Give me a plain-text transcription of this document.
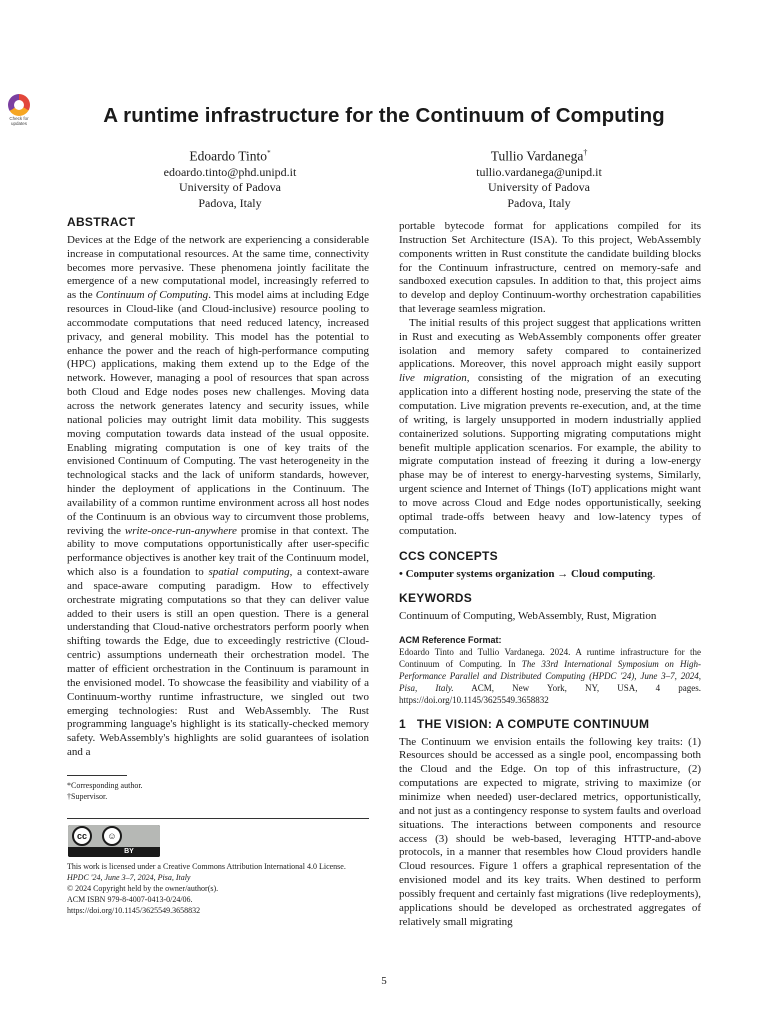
Check for
updates	A runtime infrastructure for the Continuum of Computing
Edoardo Tinto*
edoardo.tinto@phd.unipd.it
University of Padova
Padova, Italy
Tullio Vardanega†
tullio.vardanega@unipd.it
University of Padova
Padova, Italy
ABSTRACT

Devices at the Edge of the network are experiencing a considerable increase in computational resources. At the same time, connectivity becomes more pervasive. These phenomena jointly facilitate the emergence of a new computational model, increasingly referred to as the Continuum of Computing. This model aims at including Edge resources in Cloud-like (and Cloud-inclusive) resource pooling to accommodate computations that need reduced latency, increased privacy, and general mobility. This model has the potential to enhance the power and the reach of high-performance computing (HPC) applications, making them extend up to the Edge of the network. However, managing a pool of resources that span across both Cloud and Edge nodes poses new challenges. Moving data across the network generates latency and security issues, while national policies may outright limit data mobility. This suggests moving computation towards data instead of the usual opposite. Enabling migrating computation is one of key traits of the envisioned Continuum of Computing. The vast heterogeneity in the technological stacks and the lack of uniform standards, however, hinder the deployment of applications in the Continuum. The availability of a common runtime environment across all host nodes of the Continuum is an obvious way to circumvent those problems, reviving the write-once-run-anywhere promise in that context. The ability to move computations opportunistically after user-specific performance objectives is another key trait of the Continuum model, which also is a foundation to spatial computing, a context-aware and space-aware computing paradigm. How to effectively orchestrate migrating computations so that they can deliver value added to their users is still an open question. There is a general understanding that Cloud-native orchestrators perform poorly when shifting towards the Edge, due to exceedingly restrictive (Cloud-centric) assumptions underneath their orchestration model. The matter of efficient orchestration in the Continuum is paramount in the envisioned model. To showcase the feasibility and viability of a Continuum-worthy runtime infrastructure, we singled out two emerging technologies: Rust and WebAssembly. The Rust programming language's highlight is its statically-checked memory safety. WebAssembly's highlights are solid guarantees of isolation and a

*Corresponding author.
†Supervisor.
cc	☺
BY

This work is licensed under a Creative Commons Attribution International 4.0 License.

HPDC '24, June 3–7, 2024, Pisa, Italy

© 2024 Copyright held by the owner/author(s).

ACM ISBN 979-8-4007-0413-0/24/06.

https://doi.org/10.1145/3625549.3658832

portable bytecode format for applications compiled for its Instruction Set Architecture (ISA). To this project, WebAssembly components written in Rust constitute the candidate building blocks for the Continuum infrastructure, centred on memory-safe and sandboxed execution capsules. In addition to that, this project aims to develop and deploy Continuum-worthy orchestration capabilities that leverage seamless migration.

The initial results of this project suggest that applications written in Rust and executing as WebAssembly components offer greater isolation and memory safety compared to containerized applications. Moreover, this novel approach might easily support live migration, consisting of the migration of an executing application into a different hosting node, preserving the state of the computation. Live migration prevents re-execution, and, at the time of writing, is largely unsupported in modern industrially applied containerized solutions. Supporting migrating computations might benefit multiple application scenarios. For example, the ability to migrate computation instead of freezing it during a low-energy phase may be of interest to energy-harvesting systems, Similarly, urgent science and Internet of Things (IoT) applications might want to move across Cloud and Edge nodes opportunistically, seeking optimal trade-offs between heavy and low-latency types of computation.

CCS CONCEPTS

• Computer systems organization → Cloud computing.

KEYWORDS

Continuum of Computing, WebAssembly, Rust, Migration

ACM Reference Format:
Edoardo Tinto and Tullio Vardanega. 2024. A runtime infrastructure for the Continuum of Computing. In The 33rd International Symposium on High-Performance Parallel and Distributed Computing (HPDC '24), June 3–7, 2024, Pisa, Italy. ACM, New York, NY, USA, 4 pages. https://doi.org/10.1145/3625549.3658832
1   THE VISION: A COMPUTE CONTINUUM

The Continuum we envision entails the following key traits: (1) Resources should be accessed as a single pool, encompassing both the Cloud and the Edge. On top of this infrastructure, (2) computations are expected to migrate, striving to maximize (or minimize when needed) user-declared metrics, opportunistically, and not just as a contingency response to system faults and overload situations. The interactions between components and resource access (3) should be web-based, leveraging HTTP-and-above protocols, in a manner that resembles how Cloud providers handle Cloud resources. Figure 1 offers a graphical representation of the envisioned model and its key traits. When destined to perform possibly frequent and certainly fast migrations (live redeployments), applications should be developed as orchestrated aggregates of relatively small migrating

5
